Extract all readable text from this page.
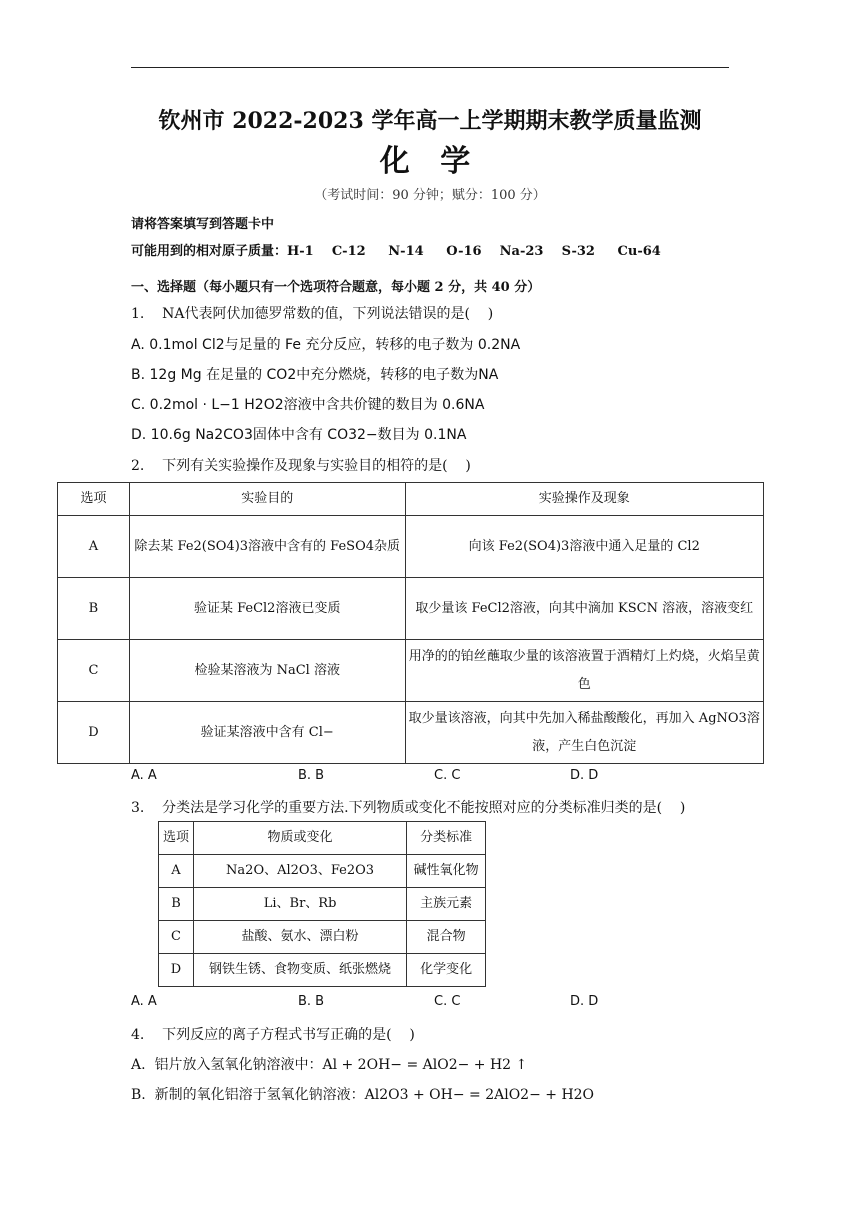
钦州市 2022-2023 学年高一上学期期末教学质量监测
化 学
（考试时间：90 分钟；赋分：100 分）
请将答案填写到答题卡中
可能用到的相对原子质量：H-1    C-12     N-14     O-16    Na-23    S-32     Cu-64
一、选择题（每小题只有一个选项符合题意，每小题 2 分，共 40 分）
1.    NA代表阿伏加德罗常数的值，下列说法错误的是(    )
A. 0.1mol Cl2与足量的 Fe 充分反应，转移的电子数为 0.2NA
B. 12g Mg 在足量的 CO2中充分燃烧，转移的电子数为NA
C. 0.2mol · L−1 H2O2溶液中含共价键的数目为 0.6NA
D. 10.6g Na2CO3固体中含有 CO32−数目为 0.1NA
2.    下列有关实验操作及现象与实验目的相符的是(    )
选项	实验目的	实验操作及现象
A	除去某 Fe2(SO4)3溶液中含有的 FeSO4杂质	向该 Fe2(SO4)3溶液中通入足量的 Cl2
B	验证某 FeCl2溶液已变质	取少量该 FeCl2溶液，向其中滴加 KSCN 溶液，溶液变红
C	检验某溶液为 NaCl 溶液	用净的的铂丝蘸取少量的该溶液置于酒精灯上灼烧，火焰呈黄色
D	验证某溶液中含有 Cl−	取少量该溶液，向其中先加入稀盐酸酸化，再加入 AgNO3溶液，产生白色沉淀
A. A	B. B	C. C	D. D
3.    分类法是学习化学的重要方法.下列物质或变化不能按照对应的分类标准归类的是(    )
选项	物质或变化	分类标准
A	Na2O、Al2O3、Fe2O3	碱性氧化物
B	Li、Br、Rb	主族元素
C	盐酸、氨水、漂白粉	混合物
D	钢铁生锈、食物变质、纸张燃烧	化学变化
A. A	B. B	C. C	D. D
4.    下列反应的离子方程式书写正确的是(    )
A.  铝片放入氢氧化钠溶液中：Al + 2OH− = AlO2− + H2 ↑
B.  新制的氧化铝溶于氢氧化钠溶液：Al2O3 + OH− = 2AlO2− + H2O
